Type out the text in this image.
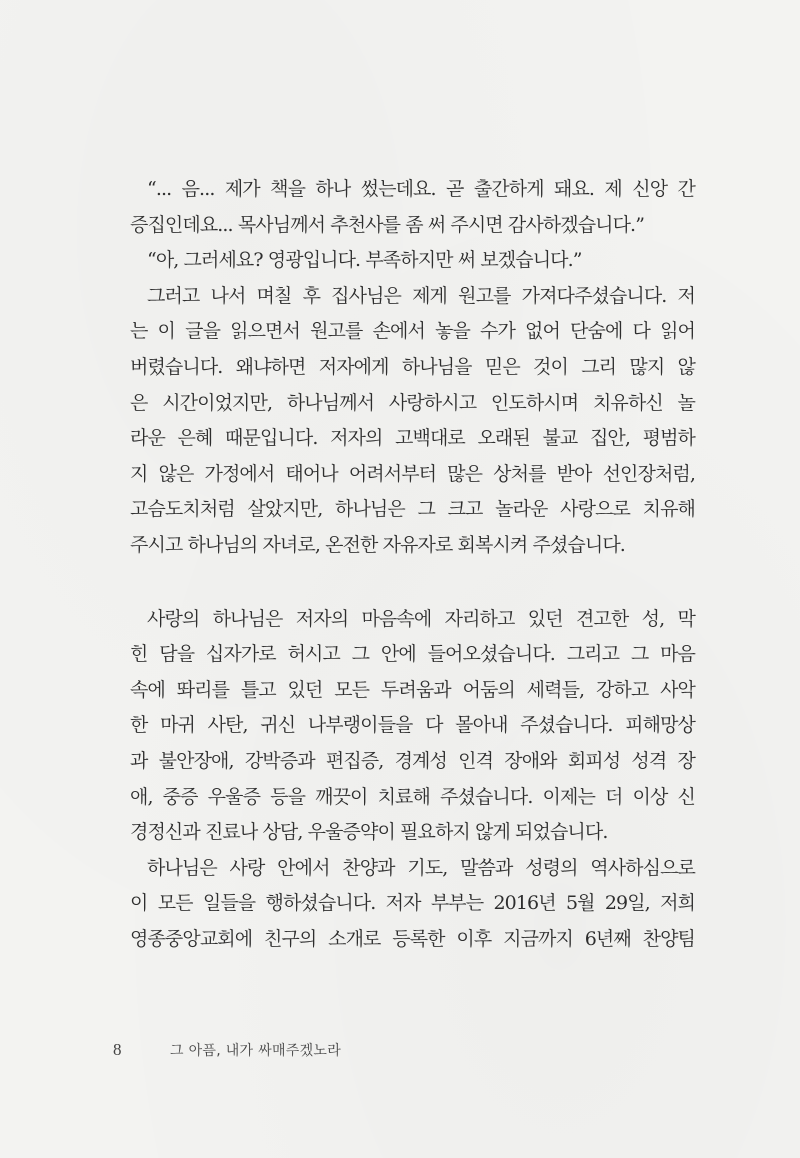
“... 음... 제가 책을 하나 썼는데요. 곧 출간하게 돼요. 제 신앙 간
증집인데요... 목사님께서 추천사를 좀 써 주시면 감사하겠습니다.”
“아, 그러세요? 영광입니다. 부족하지만 써 보겠습니다.”
그러고 나서 며칠 후 집사님은 제게 원고를 가져다주셨습니다. 저
는 이 글을 읽으면서 원고를 손에서 놓을 수가 없어 단숨에 다 읽어
버렸습니다. 왜냐하면 저자에게 하나님을 믿은 것이 그리 많지 않
은 시간이었지만, 하나님께서 사랑하시고 인도하시며 치유하신 놀
라운 은혜 때문입니다. 저자의 고백대로 오래된 불교 집안, 평범하
지 않은 가정에서 태어나 어려서부터 많은 상처를 받아 선인장처럼,
고슴도치처럼 살았지만, 하나님은 그 크고 놀라운 사랑으로 치유해
주시고 하나님의 자녀로, 온전한 자유자로 회복시켜 주셨습니다.
사랑의 하나님은 저자의 마음속에 자리하고 있던 견고한 성, 막
힌 담을 십자가로 허시고 그 안에 들어오셨습니다. 그리고 그 마음
속에 똬리를 틀고 있던 모든 두려움과 어둠의 세력들, 강하고 사악
한 마귀 사탄, 귀신 나부랭이들을 다 몰아내 주셨습니다. 피해망상
과 불안장애, 강박증과 편집증, 경계성 인격 장애와 회피성 성격 장
애, 중증 우울증 등을 깨끗이 치료해 주셨습니다. 이제는 더 이상 신
경정신과 진료나 상담, 우울증약이 필요하지 않게 되었습니다.
하나님은 사랑 안에서 찬양과 기도, 말씀과 성령의 역사하심으로
이 모든 일들을 행하셨습니다. 저자 부부는 2016년 5월 29일, 저희
영종중앙교회에 친구의 소개로 등록한 이후 지금까지 6년째 찬양팀
8	그 아픔, 내가 싸매주겠노라
